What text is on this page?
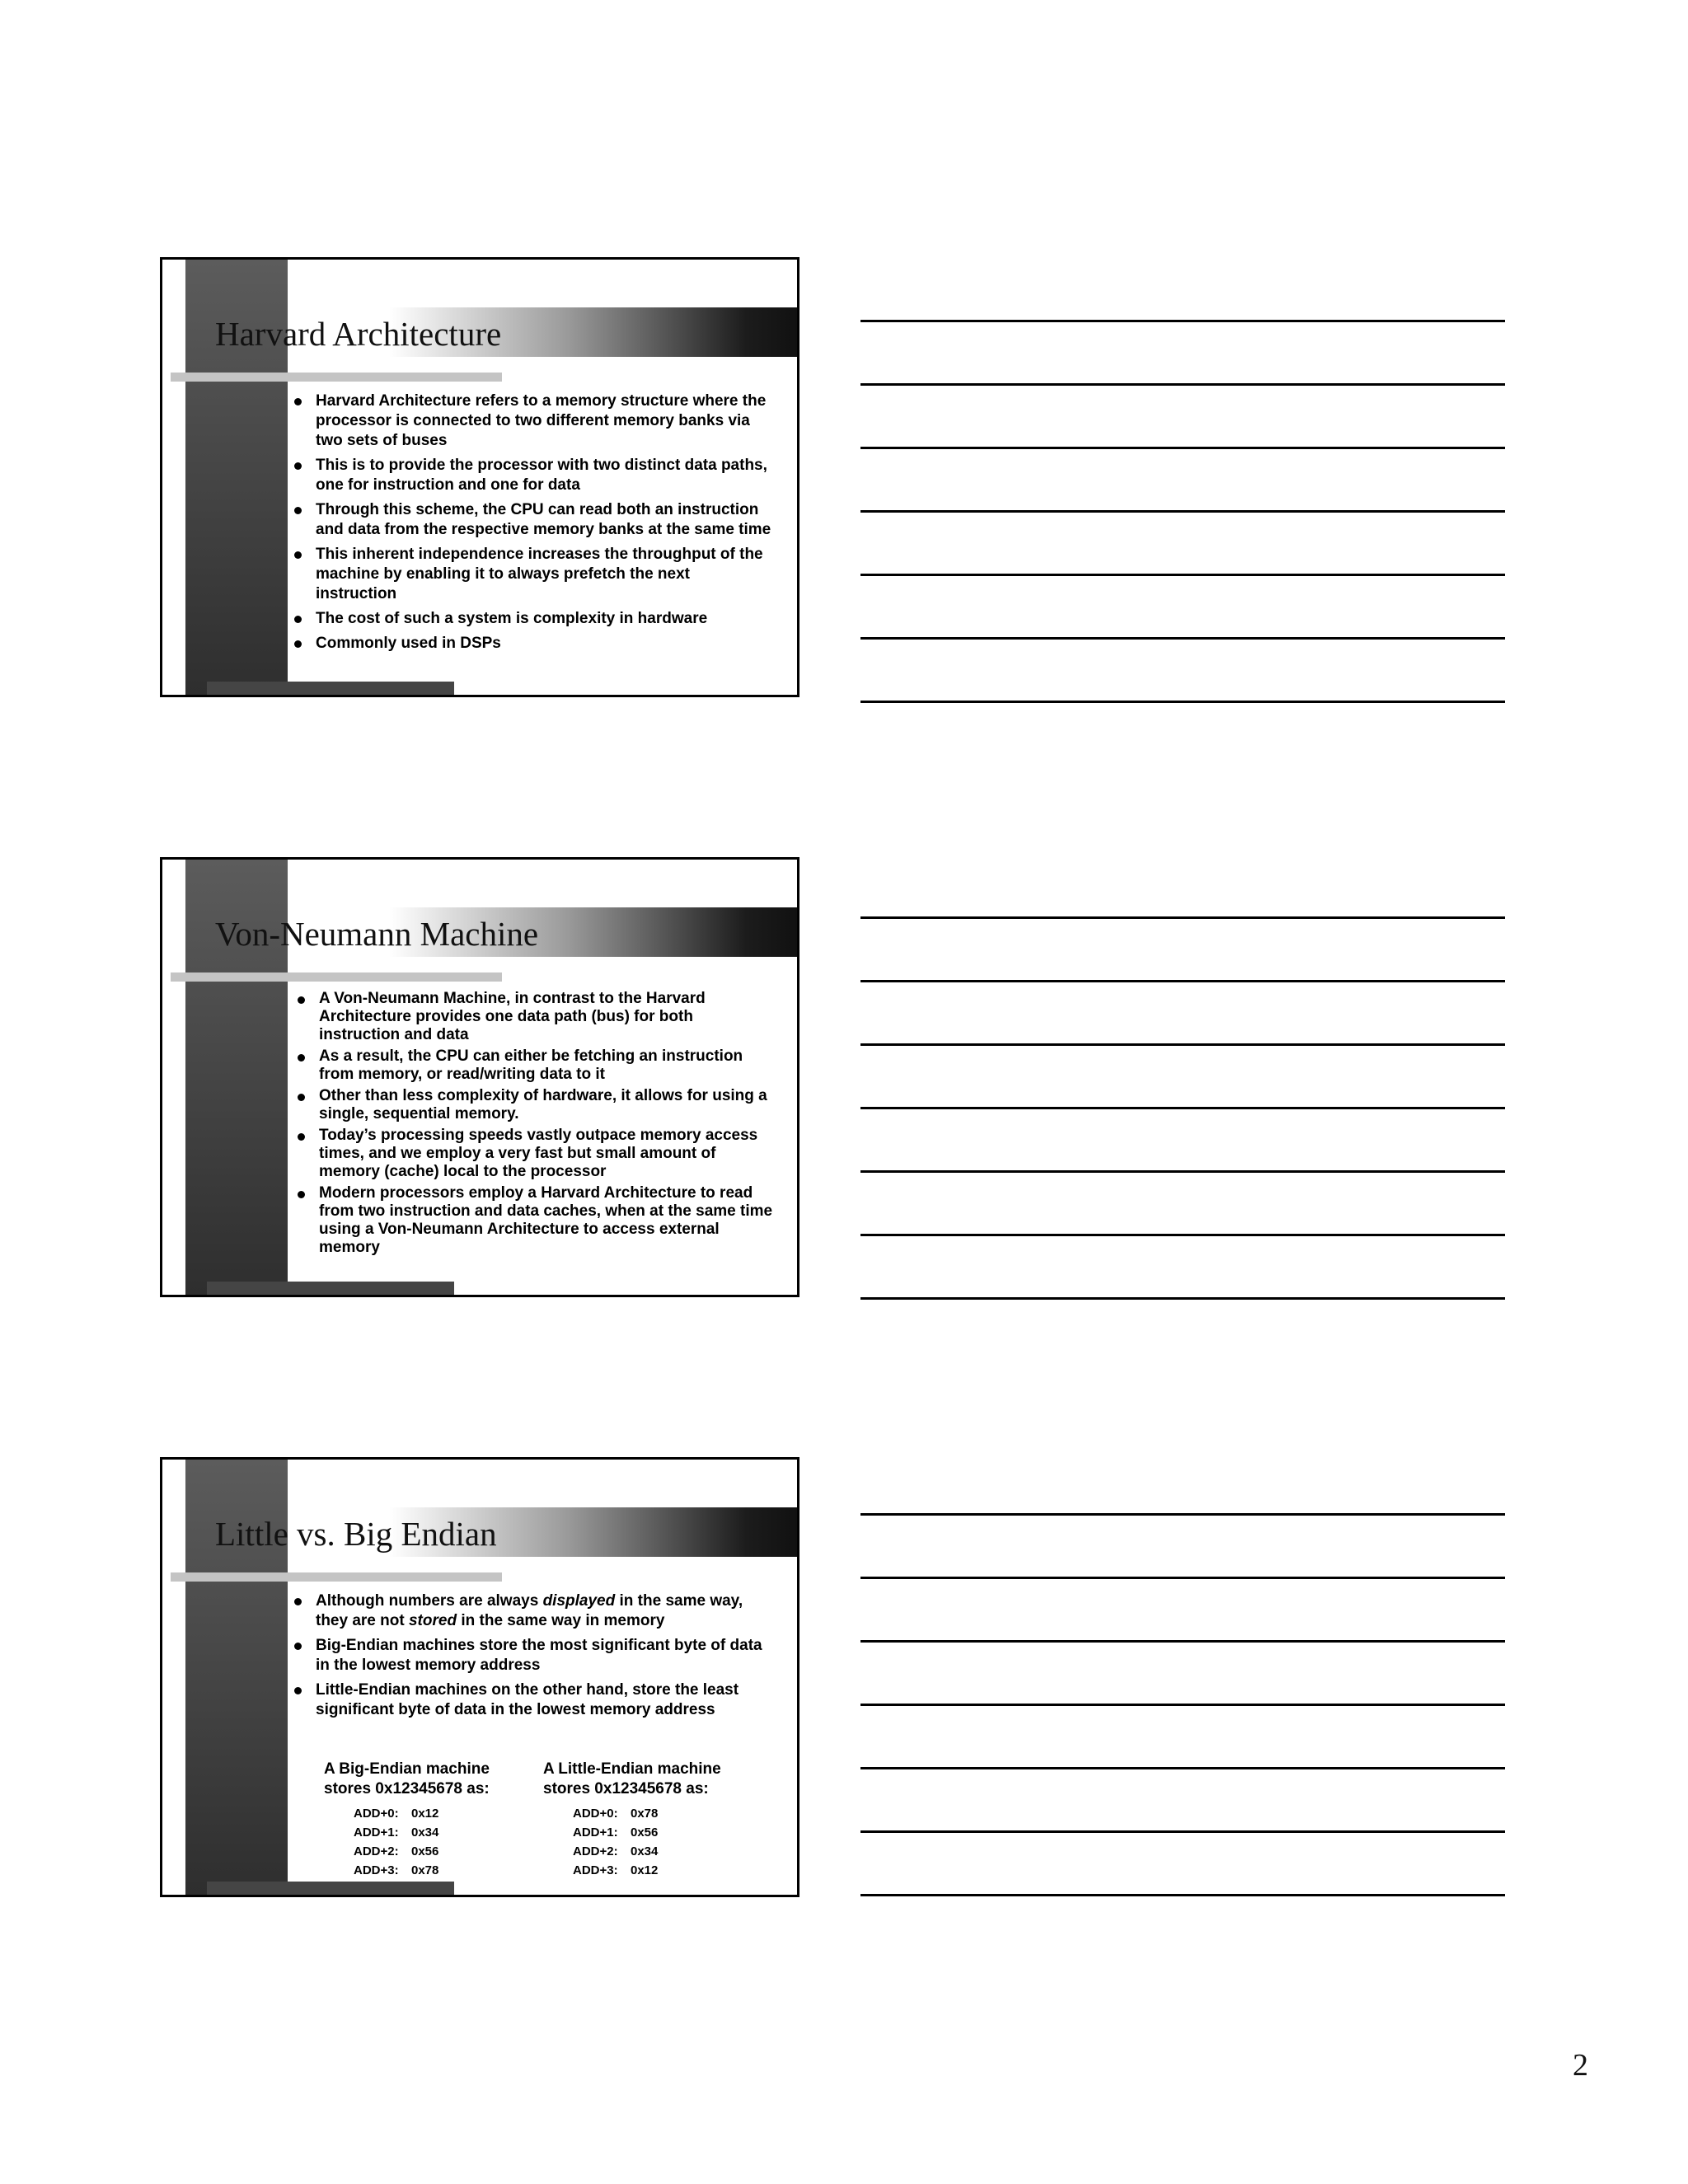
Harvard Architecture
Harvard Architecture refers to a memory structure where the processor is connected to two different memory banks via two sets of buses
This is to provide the processor with two distinct data paths, one for instruction and one for data
Through this scheme, the CPU can read both an instruction and data from the respective memory banks at the same time
This inherent independence increases the throughput of the machine by enabling it to always prefetch the next instruction
The cost of such a system is complexity in hardware
Commonly used in DSPs
Von-Neumann Machine
A Von-Neumann Machine, in contrast to the Harvard Architecture provides one data path (bus) for both instruction and data
As a result, the CPU can either be fetching an instruction from memory, or read/writing data to it
Other than less complexity of hardware, it allows for using a single, sequential memory.
Today’s processing speeds vastly outpace memory access times, and we employ a very fast but small amount of memory (cache) local to the processor
Modern processors employ a Harvard Architecture to read from two instruction and data caches, when at the same time using a Von-Neumann Architecture to access external memory
Little vs. Big Endian
Although numbers are always displayed in the same way, they are not stored in the same way in memory
Big-Endian machines store the most significant byte of data in the lowest memory address
Little-Endian machines on the other hand, store the least significant byte of data in the lowest memory address
A Big-Endian machine stores 0x12345678 as:
ADD+0: 0x12
ADD+1: 0x34
ADD+2: 0x56
ADD+3: 0x78
A Little-Endian machine stores 0x12345678 as:
ADD+0: 0x78
ADD+1: 0x56
ADD+2: 0x34
ADD+3: 0x12
2
